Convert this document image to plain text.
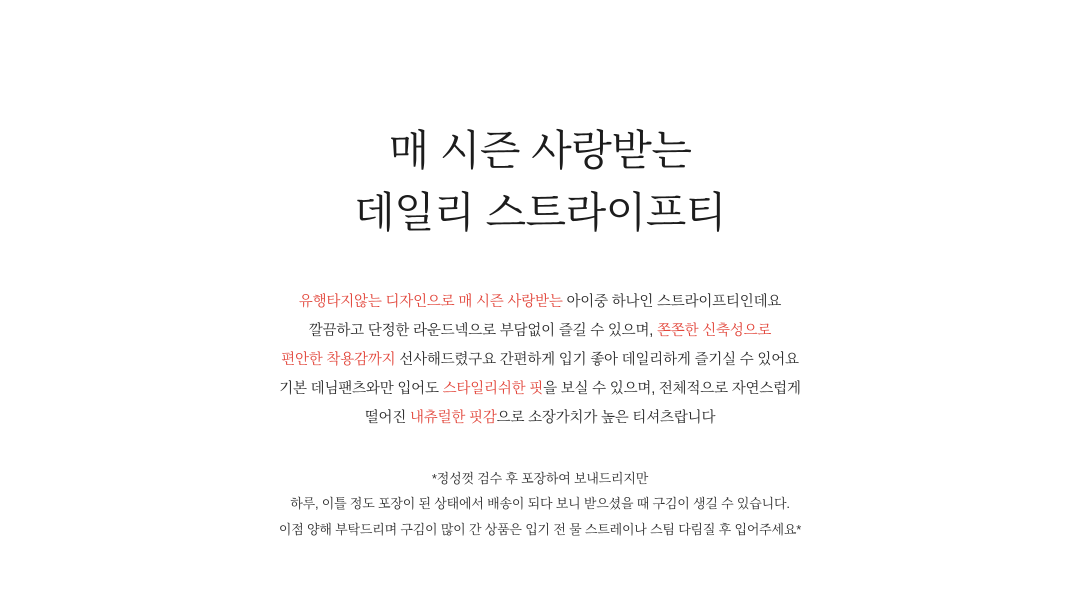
매 시즌 사랑받는
데일리 스트라이프티
유행타지않는 디자인으로 매 시즌 사랑받는 아이중 하나인 스트라이프티인데요
깔끔하고 단정한 라운드넥으로 부담없이 즐길 수 있으며, 쫀쫀한 신축성으로
편안한 착용감까지 선사해드렸구요 간편하게 입기 좋아 데일리하게 즐기실 수 있어요
기본 데님팬츠와만 입어도 스타일리쉬한 핏을 보실 수 있으며, 전체적으로 자연스럽게
떨어진 내츄럴한 핏감으로 소장가치가 높은 티셔츠랍니다
*정성껏 검수 후 포장하여 보내드리지만
하루, 이틀 정도 포장이 된 상태에서 배송이 되다 보니 받으셨을 때 구김이 생길 수 있습니다.
이점 양해 부탁드리며 구김이 많이 간 상품은 입기 전 물 스트레이나 스팀 다림질 후 입어주세요*
